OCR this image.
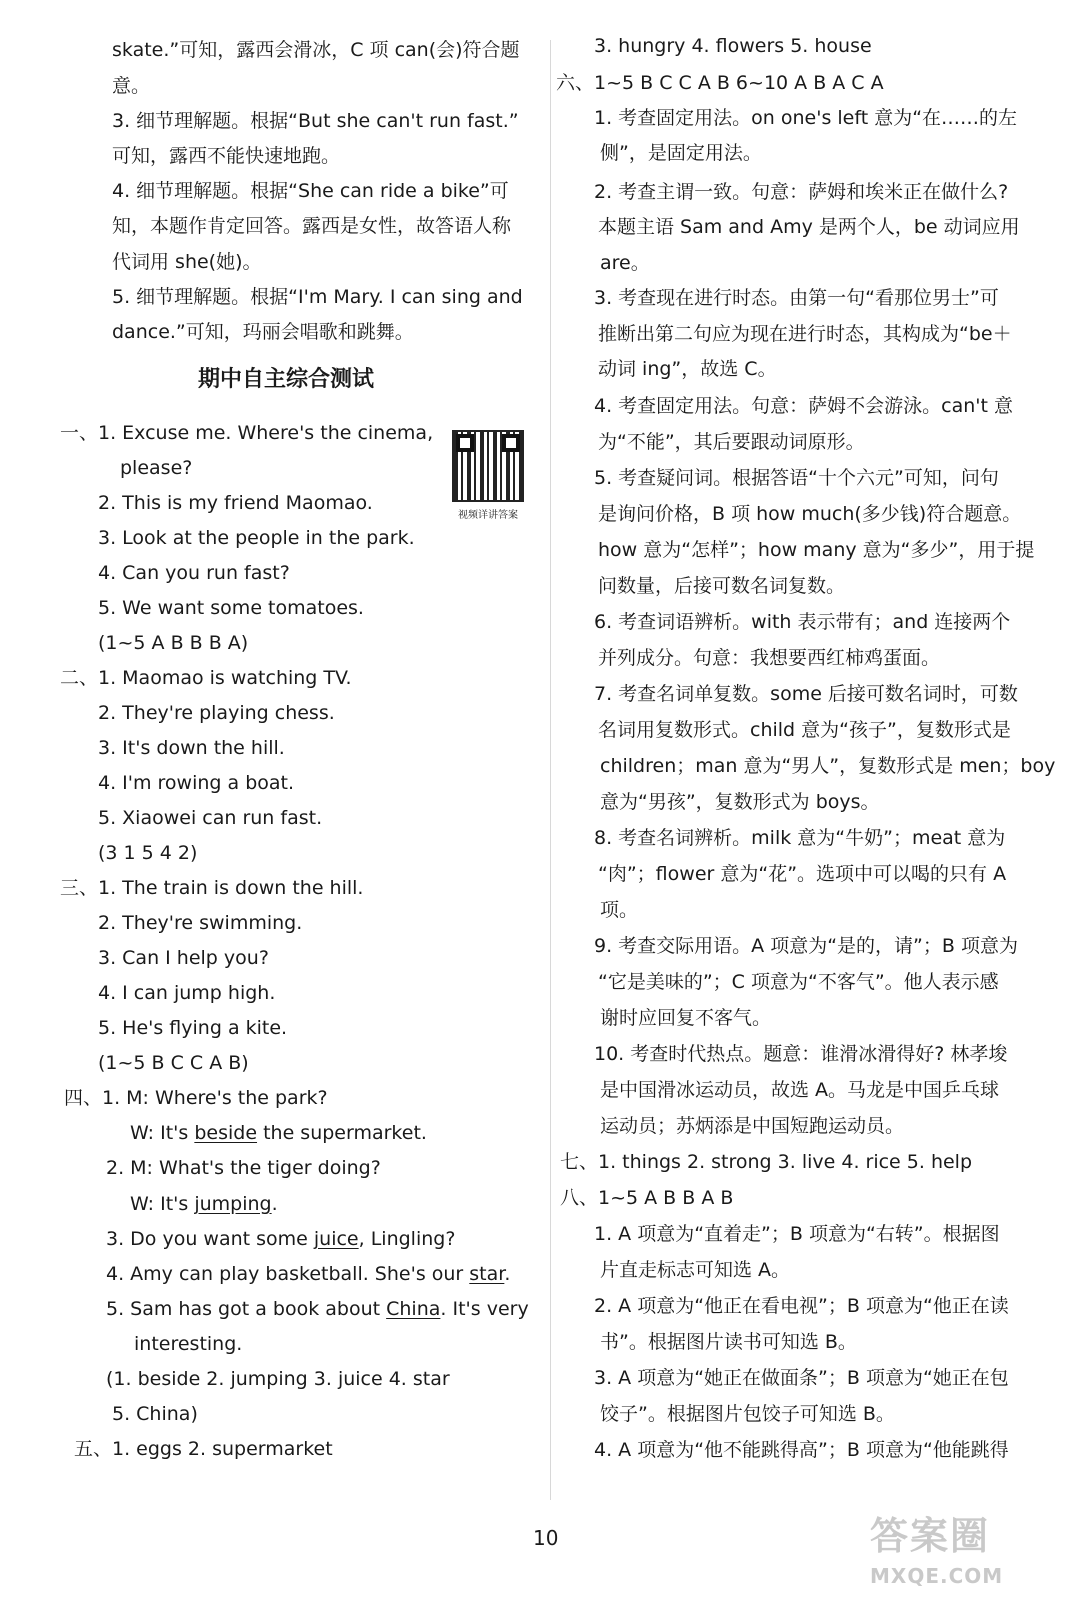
skate.”可知，露西会滑冰，C 项 can(会)符合题
意。
3. 细节理解题。根据“But she can't run fast.”
可知，露西不能快速地跑。
4. 细节理解题。根据“She can ride a bike”可
知，本题作肯定回答。露西是女性，故答语人称
代词用 she(她)。
5. 细节理解题。根据“I'm Mary. I can sing and
dance.”可知，玛丽会唱歌和跳舞。
期中自主综合测试
一、1. Excuse me. Where's the cinema,
please?
2. This is my friend Maomao.
3. Look at the people in the park.
4. Can you run fast?
5. We want some tomatoes.
(1~5 A B B B A)
二、1. Maomao is watching TV.
2. They're playing chess.
3. It's down the hill.
4. I'm rowing a boat.
5. Xiaowei can run fast.
(3 1 5 4 2)
三、1. The train is down the hill.
2. They're swimming.
3. Can I help you?
4. I can jump high.
5. He's flying a kite.
(1~5 B C C A B)
四、1. M: Where's the park?
W: It's beside the supermarket.
2. M: What's the tiger doing?
W: It's jumping.
3. Do you want some juice, Lingling?
4. Amy can play basketball. She's our star.
5. Sam has got a book about China. It's very
interesting.
(1. beside 2. jumping 3. juice 4. star
5. China)
五、1. eggs 2. supermarket
3. hungry 4. flowers 5. house
六、1~5 B C C A B 6~10 A B A C A
1. 考查固定用法。on one's left 意为“在……的左
侧”，是固定用法。
2. 考查主谓一致。句意：萨姆和埃米正在做什么?
本题主语 Sam and Amy 是两个人，be 动词应用
are。
3. 考查现在进行时态。由第一句“看那位男士”可
推断出第二句应为现在进行时态，其构成为“be＋
动词 ing”，故选 C。
4. 考查固定用法。句意：萨姆不会游泳。can't 意
为“不能”，其后要跟动词原形。
5. 考查疑问词。根据答语“十个六元”可知，问句
是询问价格，B 项 how much(多少钱)符合题意。
how 意为“怎样”；how many 意为“多少”，用于提
问数量，后接可数名词复数。
6. 考查词语辨析。with 表示带有；and 连接两个
并列成分。句意：我想要西红柿鸡蛋面。
7. 考查名词单复数。some 后接可数名词时，可数
名词用复数形式。child 意为“孩子”，复数形式是
children；man 意为“男人”，复数形式是 men；boy
意为“男孩”，复数形式为 boys。
8. 考查名词辨析。milk 意为“牛奶”；meat 意为
“肉”；flower 意为“花”。选项中可以喝的只有 A
项。
9. 考查交际用语。A 项意为“是的，请”；B 项意为
“它是美味的”；C 项意为“不客气”。他人表示感
谢时应回复不客气。
10. 考查时代热点。题意：谁滑冰滑得好? 林孝埈
是中国滑冰运动员，故选 A。马龙是中国乒乓球
运动员；苏炳添是中国短跑运动员。
七、1. things 2. strong 3. live 4. rice 5. help
八、1~5 A B B A B
1. A 项意为“直着走”；B 项意为“右转”。根据图
片直走标志可知选 A。
2. A 项意为“他正在看电视”；B 项意为“他正在读
书”。根据图片读书可知选 B。
3. A 项意为“她正在做面条”；B 项意为“她正在包
饺子”。根据图片包饺子可知选 B。
4. A 项意为“他不能跳得高”；B 项意为“他能跳得
视频详讲答案
10	答案圈
MXQE.COM
